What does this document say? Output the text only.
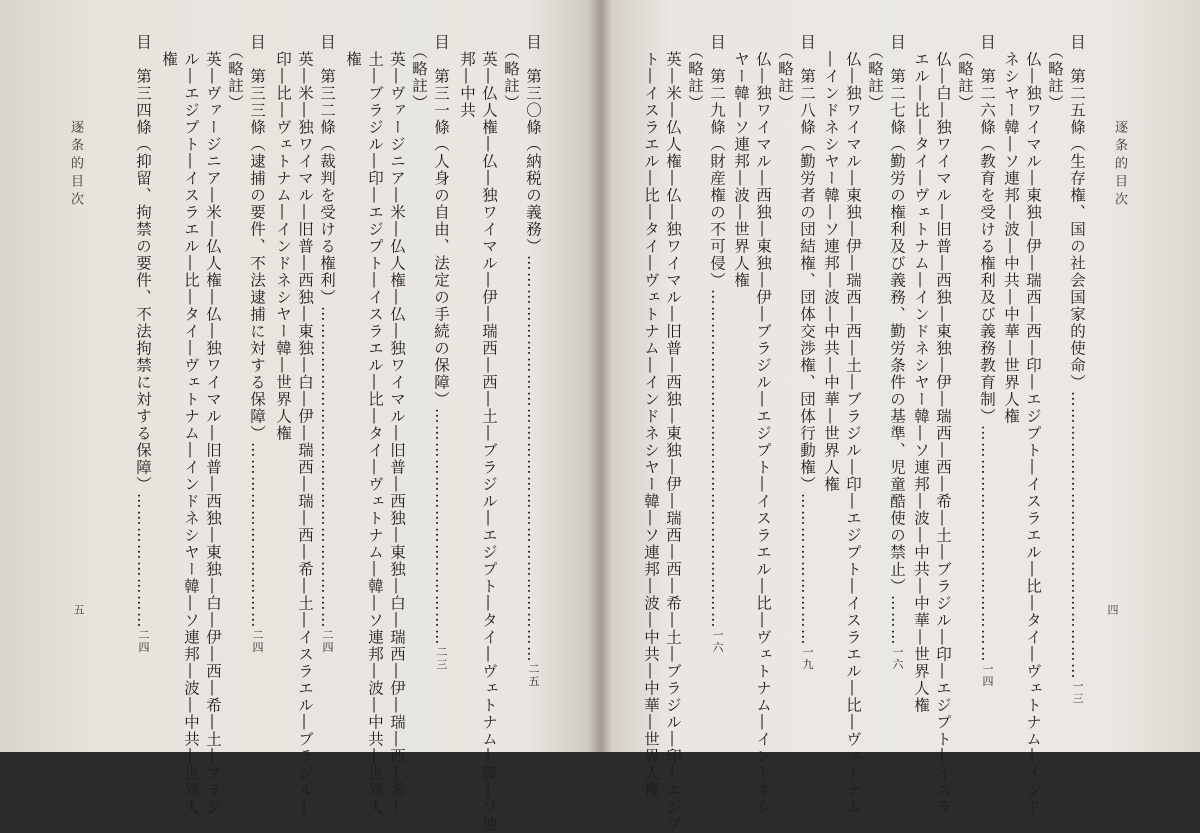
逐条的目次
四
目　第二五條（生存権、国の社会国家的使命）……………………………………………一三
　（略註）
　仏―独ワイマル―東独―伊―瑞西―西―印―エジプト―イスラエル―比―タイ―ヴェトナム―インド
　ネシヤー韓―ソ連邦―波―中共―中華―世界人権
目　第二六條（教育を受ける権利及び義務教育制）……………………………………一四
　（略註）
　仏―白―独ワイマル―旧普―西独―東独―伊―瑞西―西―希―土―ブラジル―印―エジプト―イスラ
　エル―比―タイ―ヴェトナム―インドネシヤー韓―ソ連邦―波―中共―中華―世界人権
目　第二七條（勤労の権利及び義務、勤労条件の基準、児童酷使の禁止）………一六
　（略註）
　仏―独ワイマル―東独―伊―瑞西―西―土―ブラジル―印―エジプト―イスラエル―比―ヴェトナム
　―インドネシヤー韓―ソ連邦―波―中共―中華―世界人権
目　第二八條（勤労者の団結権、団体交渉権、団体行動権）………………………一九
　（略註）
　仏―独ワイマル―西独―東独―伊―ブラジル―エジプト―イスラエル―比―ヴェトナム―インドネシ
　ヤー韓―ソ連邦―波―世界人権
目　第二九條（財産権の不可侵）……………………………………………………一六
　（略註）
　英―米―仏人権―仏―独ワイマル―旧普―西独―東独―伊―瑞西―西―希―土―ブラジル―印―エジプ
　ト―イスラエル―比―タイ―ヴェトナム―インドネシヤー韓―ソ連邦―波―中共―中華―世界人権
目　第三〇條（納税の義務）………………………………………………………………二五
　（略註）
　英―仏人権―仏―独ワイマル―伊―瑞西―西―土―ブラジル―エジプト―タイ―ヴェトナム―韓―ソ連
　邦―中共
目　第三一條（人身の自由、法定の手続の保障）……………………………………二三
　（略註）
　英―ヴァージニア―米―仏人権―仏―独ワイマル―旧普―西独―東独―白―瑞西―伊―瑞―西―希―
　土―ブラジル―印―エジプト―イスラエル―比―タイ―ヴェトナム―韓―ソ連邦―波―中共―世界人
　権
目　第三二條（裁判を受ける権利）…………………………………………………二四
　英―米―独ワイマル―旧普―西独―東独―白―伊―瑞西―瑞―西―希―土―イスラエル―ブラジル―
　印―比―ヴェトナム―インドネシヤー韓―世界人権
目　第三三條（逮捕の要件、不法逮捕に対する保障）……………………………二四
　（略註）
　英―ヴァージニア―米―仏人権―仏―独ワイマル―旧普―西独―東独―白―伊―西―希―土―ブラジ
　ル―エジプト―イスラエル―比―タイ―ヴェトナム―インドネシヤー韓―ソ連邦―波―中共―世界人
　権
目　第三四條（抑留、拘禁の要件、不法拘禁に対する保障）……………………二四
逐条的目次
五
